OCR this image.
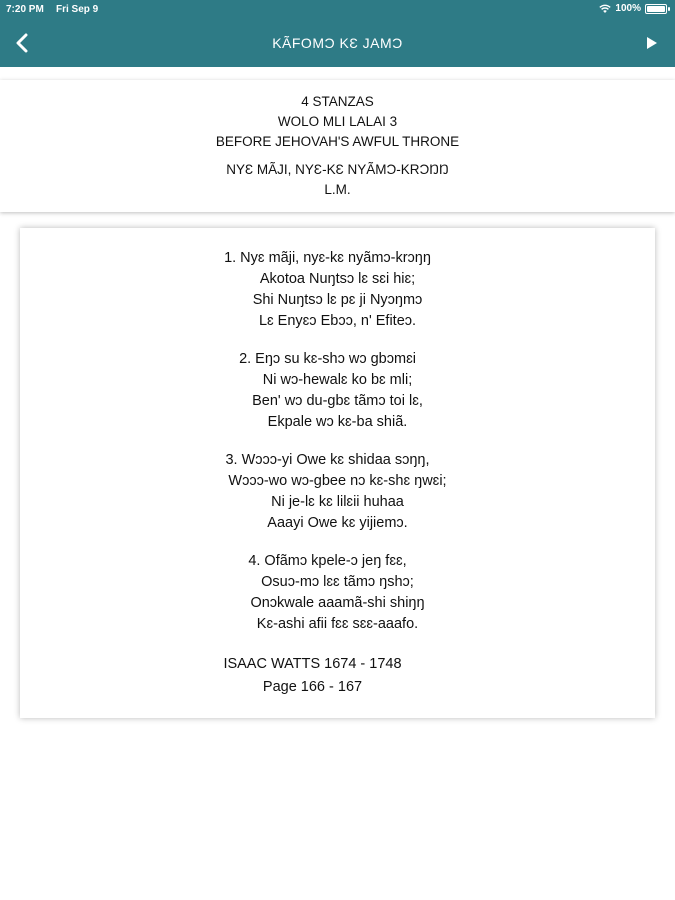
7:20 PM Fri Sep 9	100%
KÃFOMƆ KƐ JAMƆ
4 STANZAS
WOLO MLI LALAI 3
BEFORE JEHOVAH'S AWFUL THRONE
NYƐ MÃJI, NYƐ-KƐ NYÃMƆ-KRƆŊŊ
L.M.
1. Nyɛ mãji, nyɛ-kɛ nyãmɔ-krɔŋŋ
Akotoa Nuŋtsɔ lɛ sɛi hiɛ;
Shi Nuŋtsɔ lɛ pɛ ji Nyɔŋmɔ
Lɛ Enyɛɔ Ebɔɔ, n' Efiteɔ.
2. Eŋɔ su kɛ-shɔ wɔ gbɔmɛi
Ni wɔ-hewalɛ ko bɛ mli;
Ben' wɔ du-gbɛ tãmɔ toi lɛ,
Ekpale wɔ kɛ-ba shiã.
3. Wɔɔɔ-yi Owe kɛ shidaa sɔŋŋ,
Wɔɔɔ-wo wɔ-gbee nɔ kɛ-shɛ ŋwɛi;
Ni je-lɛ kɛ lilɛii huhaa
Aaayi Owe kɛ yijiemɔ.
4. Ofãmɔ kpele-ɔ jeŋ fɛɛ,
Osuɔ-mɔ lɛɛ tãmɔ ŋshɔ;
Onɔkwale aaamã-shi shiŋŋ
Kɛ-ashi afii fɛɛ sɛɛ-aaafo.
ISAAC WATTS 1674 - 1748
Page 166 - 167
